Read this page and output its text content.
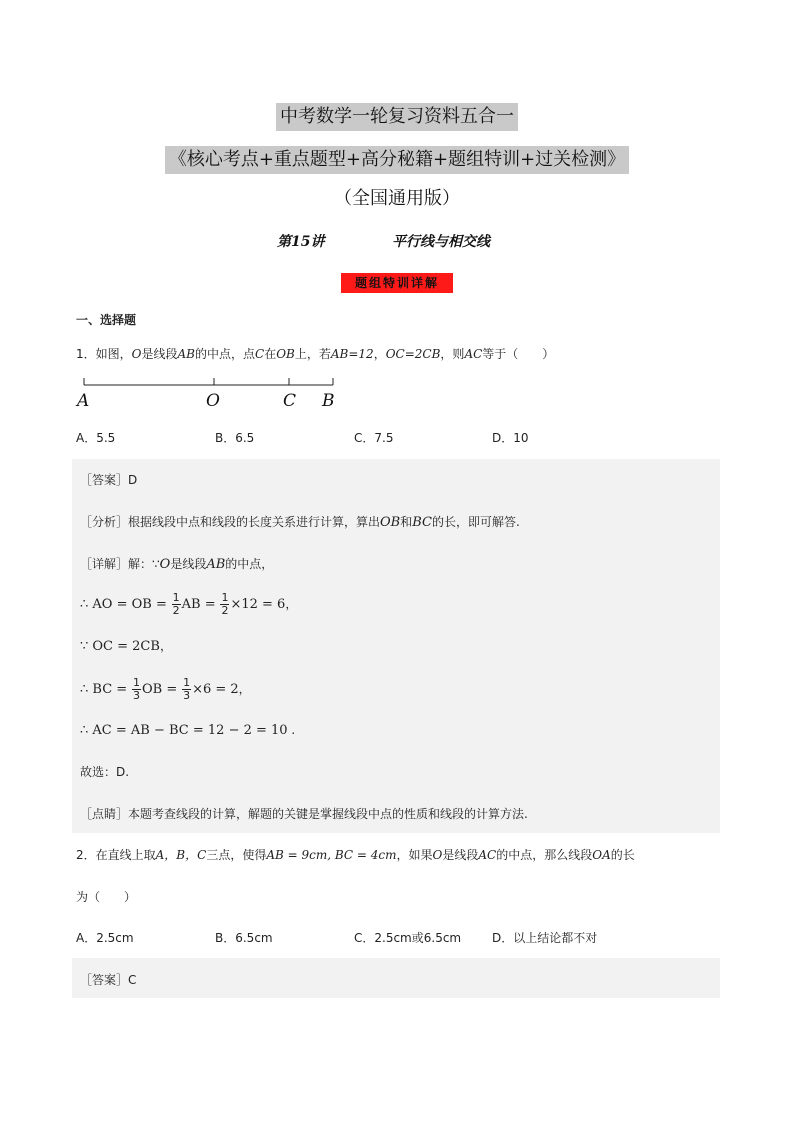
中考数学一轮复习资料五合一
《核心考点+重点题型+高分秘籍+题组特训+过关检测》
（全国通用版）
第15讲	平行线与相交线
题组特训详解
一、选择题
1．如图，O是线段AB的中点，点C在OB上，若AB=12，OC=2CB，则AC等于（　　）
A	O	C B
A．5.5	B．6.5	C．7.5	D．10
［答案］D
［分析］根据线段中点和线段的长度关系进行计算，算出OB和BC的长，即可解答.
［详解］解：∵O是线段AB的中点，
∴ AO = OB = $\frac{1}{2}$ AB = $\frac{1}{2} \times 12 = 6$，
∵ OC = 2CB，
∴ BC = $\frac{1}{3}$ OB = $\frac{1}{3} \times 6 = 2$，
∴ AC = AB − BC = 12 − 2 = 10 .
故选：D.
［点睛］本题考查线段的计算，解题的关键是掌握线段中点的性质和线段的计算方法.
2．在直线上取A，B，C三点，使得AB = 9cm, BC = 4cm，如果O是线段AC的中点，那么线段OA的长
为（　　）
A．2.5cm	B．6.5cm	C．2.5cm或6.5cm	D．以上结论都不对
［答案］C
